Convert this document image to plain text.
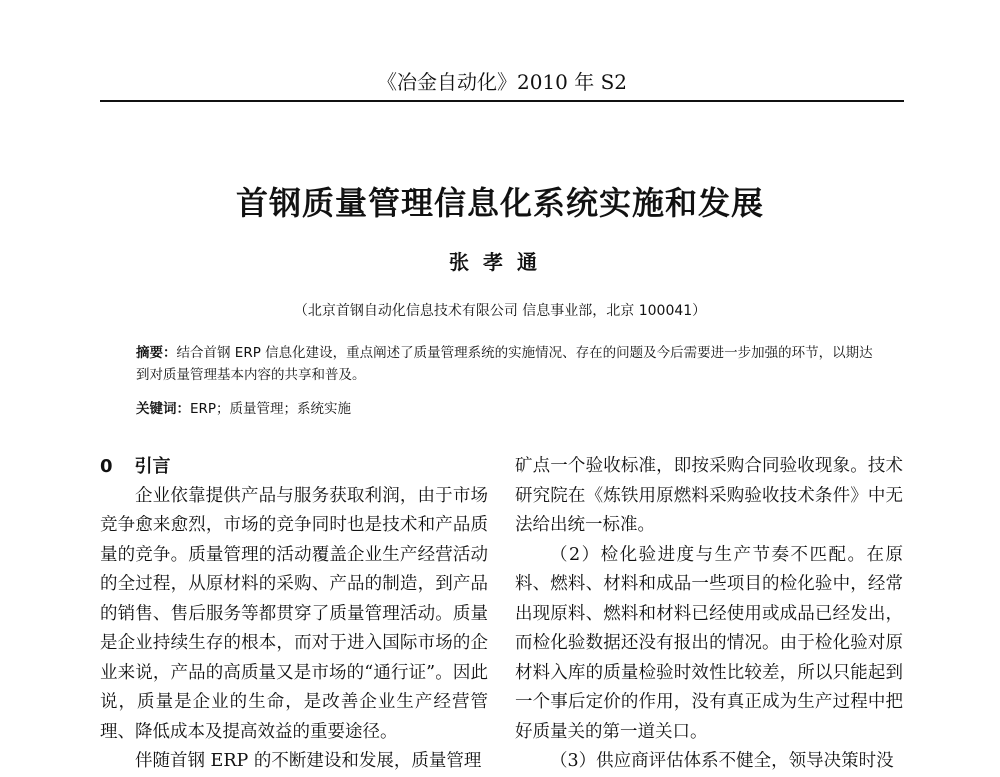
《冶金自动化》2010 年 S2
首钢质量管理信息化系统实施和发展
张孝通
（北京首钢自动化信息技术有限公司 信息事业部，北京 100041）
摘要：结合首钢 ERP 信息化建设，重点阐述了质量管理系统的实施情况、存在的问题及今后需要进一步加强的环节，以期达到对质量管理基本内容的共享和普及。
关键词：ERP；质量管理；系统实施
0 引言

企业依靠提供产品与服务获取利润，由于市场竞争愈来愈烈，市场的竞争同时也是技术和产品质量的竞争。质量管理的活动覆盖企业生产经营活动的全过程，从原材料的采购、产品的制造，到产品的销售、售后服务等都贯穿了质量管理活动。质量是企业持续生存的根本，而对于进入国际市场的企业来说，产品的高质量又是市场的“通行证”。因此说，质量是企业的生命，是改善企业生产经营管理、降低成本及提高效益的重要途径。

伴随首钢 ERP 的不断建设和发展，质量管理

矿点一个验收标准，即按采购合同验收现象。技术研究院在《炼铁用原燃料采购验收技术条件》中无法给出统一标准。

（2）检化验进度与生产节奏不匹配。在原料、燃料、材料和成品一些项目的检化验中，经常出现原料、燃料和材料已经使用或成品已经发出，而检化验数据还没有报出的情况。由于检化验对原材料入库的质量检验时效性比较差，所以只能起到一个事后定价的作用，没有真正成为生产过程中把好质量关的第一道关口。

（3）供应商评估体系不健全，领导决策时没
